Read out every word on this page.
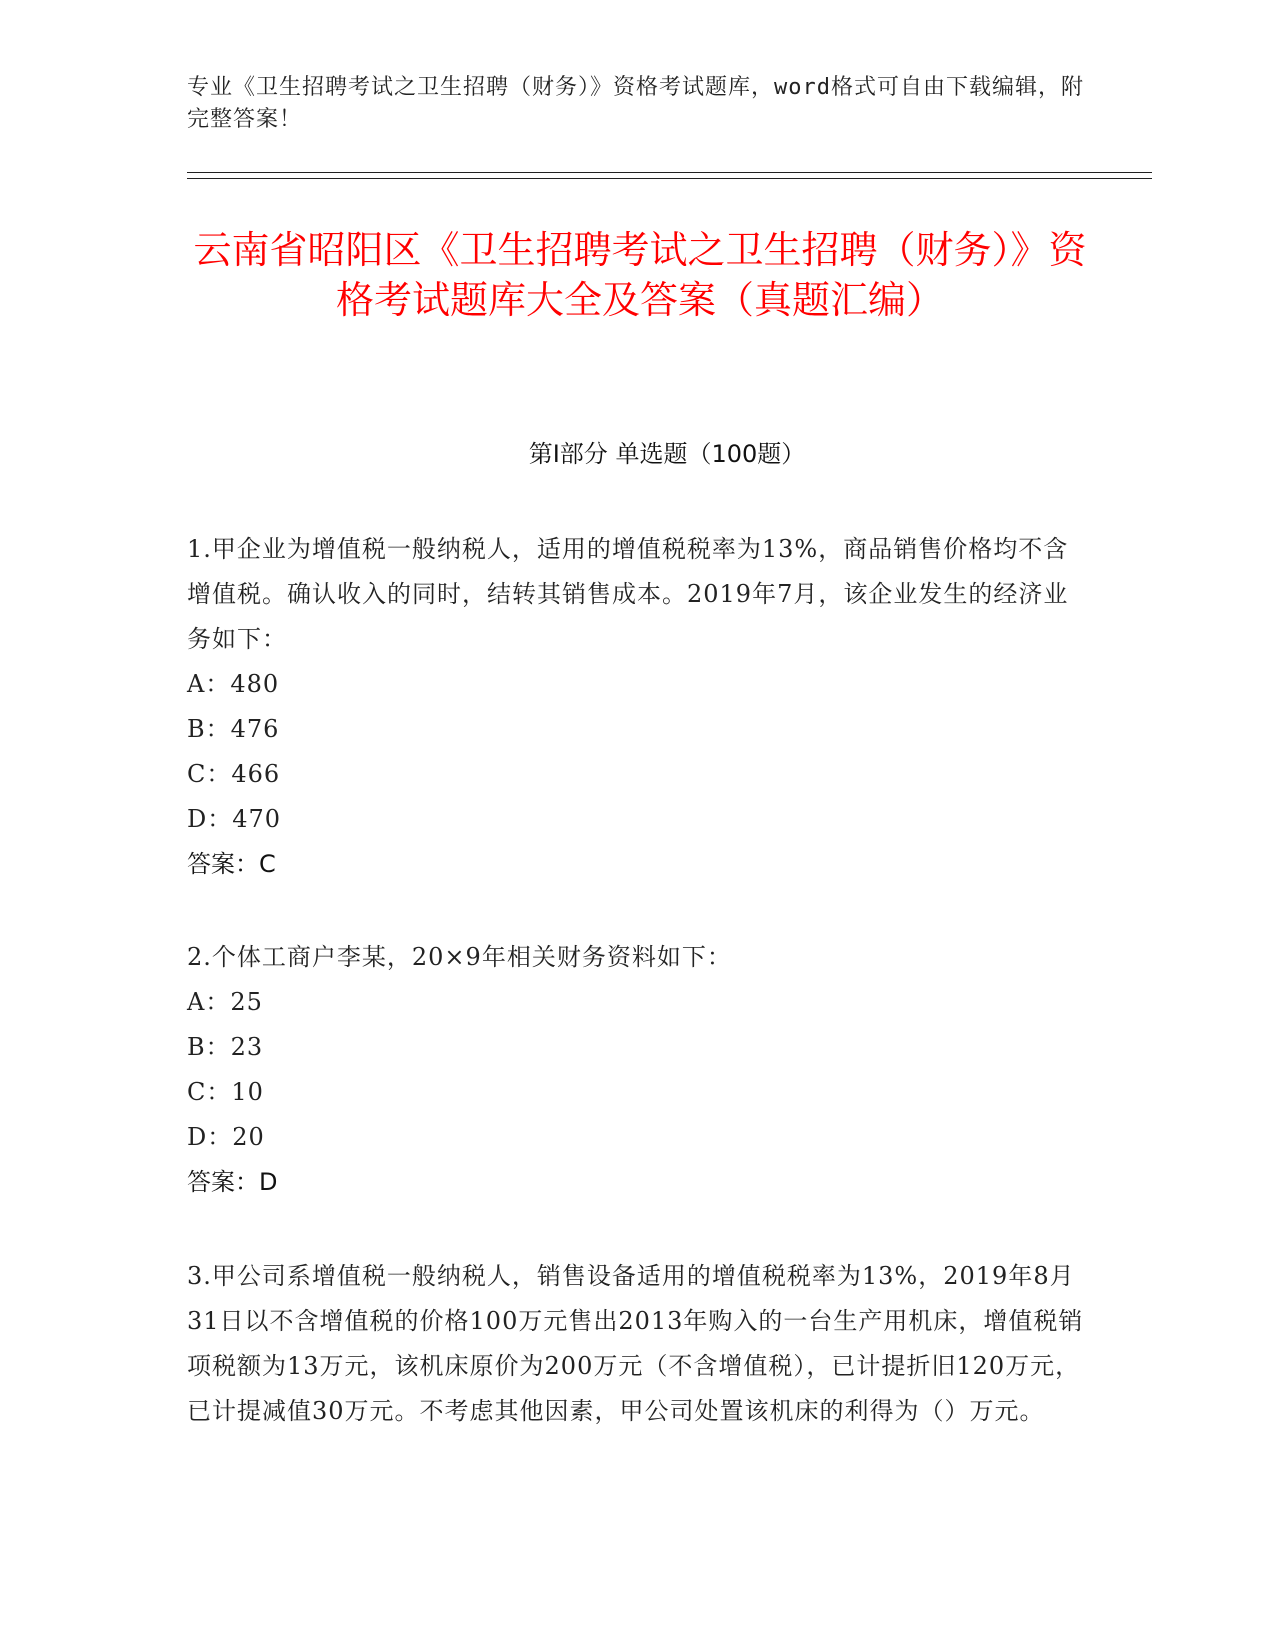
专业《卫生招聘考试之卫生招聘（财务）》资格考试题库，word格式可自由下载编辑，附完整答案！
云南省昭阳区《卫生招聘考试之卫生招聘（财务）》资格考试题库大全及答案（真题汇编）
第Ⅰ部分 单选题（100题）
1.甲企业为增值税一般纳税人，适用的增值税税率为13%，商品销售价格均不含增值税。确认收入的同时，结转其销售成本。2019年7月，该企业发生的经济业务如下：
A：480
B：476
C：466
D：470
答案：C
2.个体工商户李某，20×9年相关财务资料如下：
A：25
B：23
C：10
D：20
答案：D
3.甲公司系增值税一般纳税人，销售设备适用的增值税税率为13%，2019年8月31日以不含增值税的价格100万元售出2013年购入的一台生产用机床，增值税销项税额为13万元，该机床原价为200万元（不含增值税），已计提折旧120万元，已计提减值30万元。不考虑其他因素，甲公司处置该机床的利得为（）万元。
